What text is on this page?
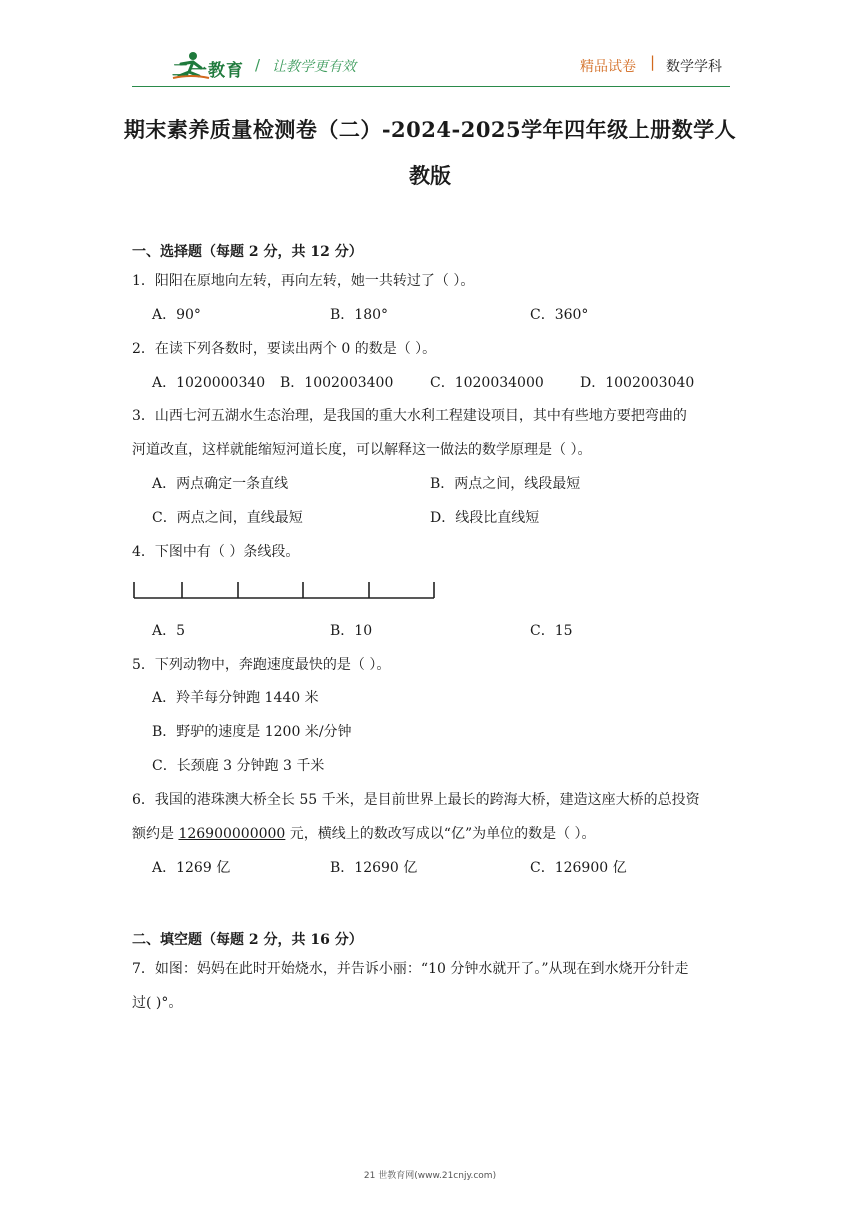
二一教育 / 让教学更有效	精品试卷 | 数学学科
期末素养质量检测卷（二）-2024-2025学年四年级上册数学人
教版
一、选择题（每题 2 分，共 12 分）
1．阳阳在原地向左转，再向左转，她一共转过了（ ）。
A．90°	B．180°	C．360°
2．在读下列各数时，要读出两个 0 的数是（ ）。
A．1020000340 B．1002003400	C．1020034000	D．1002003040
3．山西七河五湖水生态治理，是我国的重大水利工程建设项目，其中有些地方要把弯曲的
河道改直，这样就能缩短河道长度，可以解释这一做法的数学原理是（ ）。
A．两点确定一条直线	B．两点之间，线段最短
C．两点之间，直线最短	D．线段比直线短
4．下图中有（ ）条线段。
A．5	B．10	C．15
5．下列动物中，奔跑速度最快的是（ ）。
A．羚羊每分钟跑 1440 米
B．野驴的速度是 1200 米/分钟
C．长颈鹿 3 分钟跑 3 千米
6．我国的港珠澳大桥全长 55 千米，是目前世界上最长的跨海大桥，建造这座大桥的总投资
额约是 126900000000 元，横线上的数改写成以“亿”为单位的数是（ ）。
A．1269 亿	B．12690 亿	C．126900 亿
二、填空题（每题 2 分，共 16 分）
7．如图：妈妈在此时开始烧水，并告诉小丽：“10 分钟水就开了。”从现在到水烧开分针走
过( )°。
21 世教育网(www.21cnjy.com)
